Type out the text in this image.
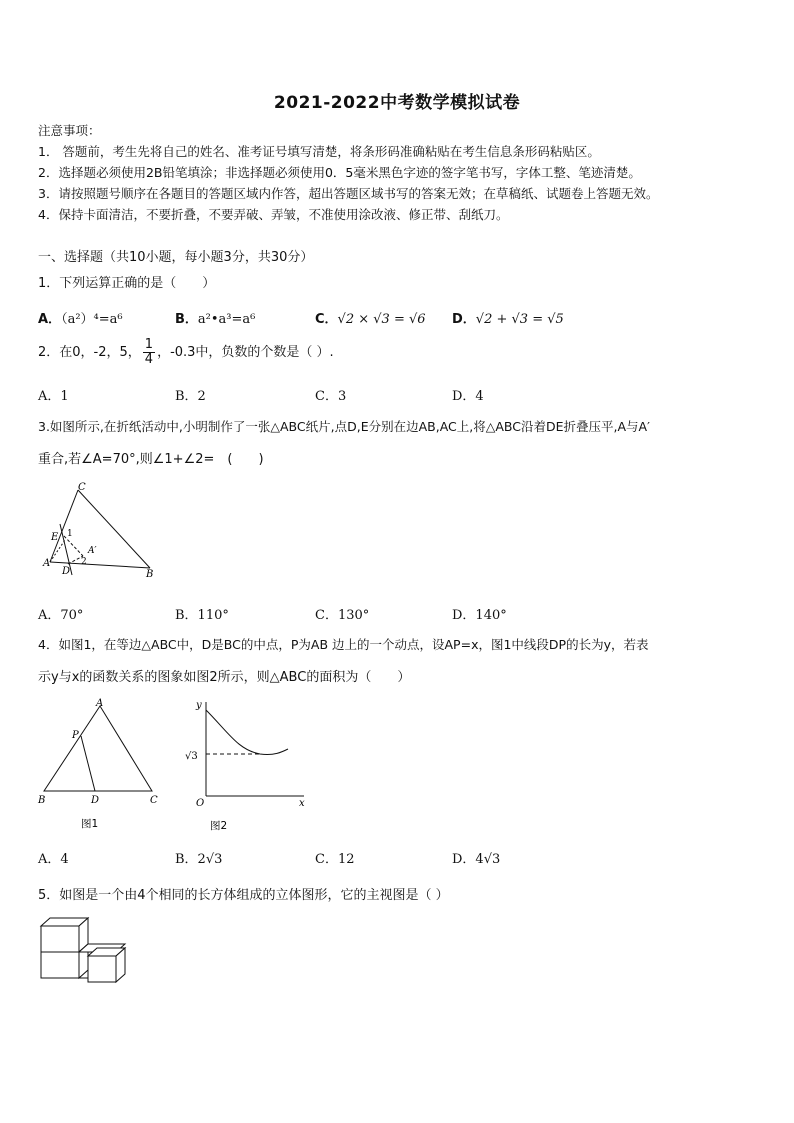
2021-2022中考数学模拟试卷
注意事项：
1． 答题前，考生先将自己的姓名、准考证号填写清楚，将条形码准确粘贴在考生信息条形码粘贴区。
2．选择题必须使用2B铅笔填涂；非选择题必须使用0．5毫米黑色字迹的签字笔书写，字体工整、笔迹清楚。
3．请按照题号顺序在各题目的答题区域内作答，超出答题区域书写的答案无效；在草稿纸、试题卷上答题无效。
4．保持卡面清洁，不要折叠，不要弄破、弄皱，不准使用涂改液、修正带、刮纸刀。
一、选择题（共10小题，每小题3分，共30分）
1．下列运算正确的是（　　）
A．（a²）⁴=a⁶	B．a²•a³=a⁶	C．√2 × √3 = √6 D．√2 + √3 = √5
2．在0，-2，5， $\frac{1}{4}$ ，-0.3中，负数的个数是（ ）.
A．1	B．2	C．3	D．4
3.如图所示,在折纸活动中,小明制作了一张△ABC纸片,点D,E分别在边AB,AC上,将△ABC沿着DE折叠压平,A与A′
重合,若∠A=70°,则∠1+∠2=　(　　)
C
E 1
A′
2
A
D	B
A．70°	B．110°	C．130°	D．140°
4．如图1，在等边△ABC中，D是BC的中点，P为AB 边上的一个动点，设AP=x，图1中线段DP的长为y，若表
示y与x的函数关系的图象如图2所示，则△ABC的面积为（　　）
A
P
B	D	C
图1
y
√3
O	x
图2
A．4	B．2√3	C．12	D．4√3
5．如图是一个由4个相同的长方体组成的立体图形，它的主视图是（ ）
